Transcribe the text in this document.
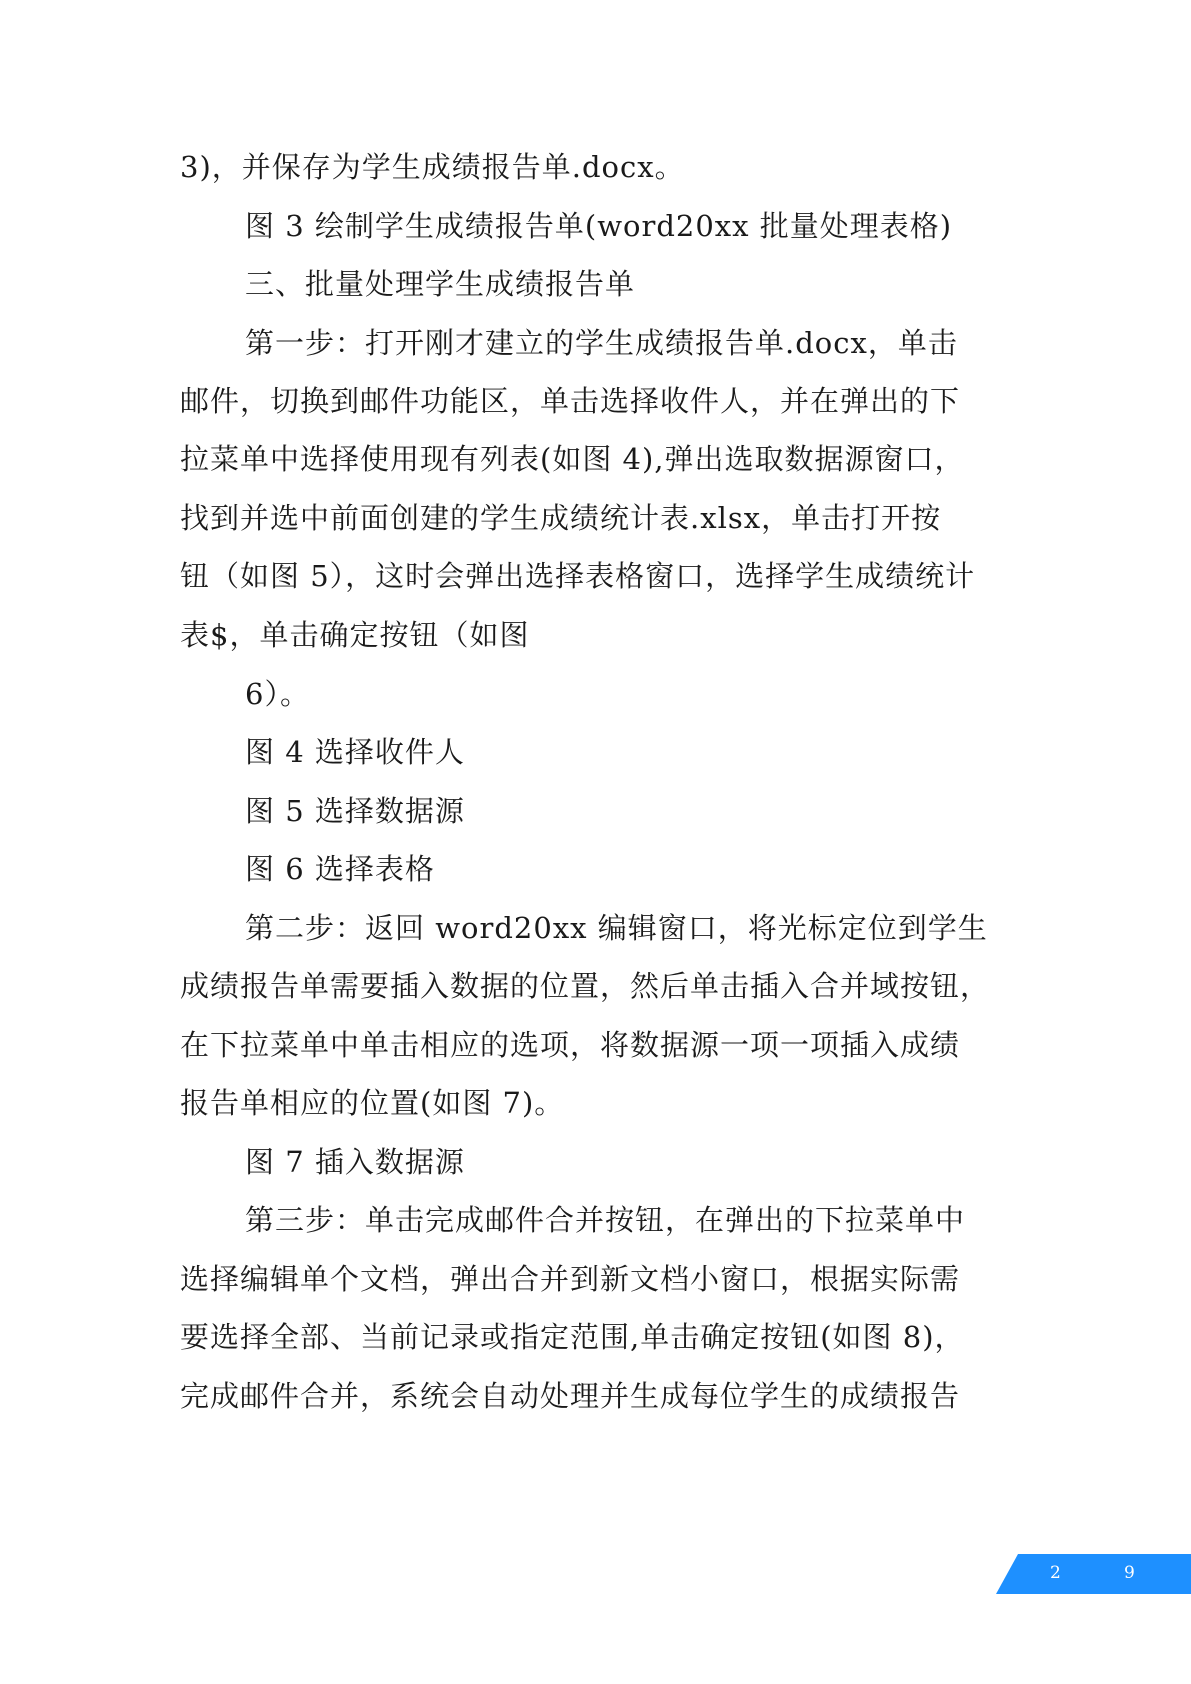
3)，并保存为学生成绩报告单.docx。
图 3 绘制学生成绩报告单(word20xx 批量处理表格)
三、批量处理学生成绩报告单
第一步：打开刚才建立的学生成绩报告单.docx，单击
邮件，切换到邮件功能区，单击选择收件人，并在弹出的下
拉菜单中选择使用现有列表(如图 4),弹出选取数据源窗口，
找到并选中前面创建的学生成绩统计表.xlsx，单击打开按
钮（如图 5），这时会弹出选择表格窗口，选择学生成绩统计
表$，单击确定按钮（如图
6）。
图 4 选择收件人
图 5 选择数据源
图 6 选择表格
第二步：返回 word20xx 编辑窗口，将光标定位到学生
成绩报告单需要插入数据的位置，然后单击插入合并域按钮，
在下拉菜单中单击相应的选项，将数据源一项一项插入成绩
报告单相应的位置(如图 7)。
图 7 插入数据源
第三步：单击完成邮件合并按钮，在弹出的下拉菜单中
选择编辑单个文档，弹出合并到新文档小窗口，根据实际需
要选择全部、当前记录或指定范围,单击确定按钮(如图 8)，
完成邮件合并，系统会自动处理并生成每位学生的成绩报告
2	9
